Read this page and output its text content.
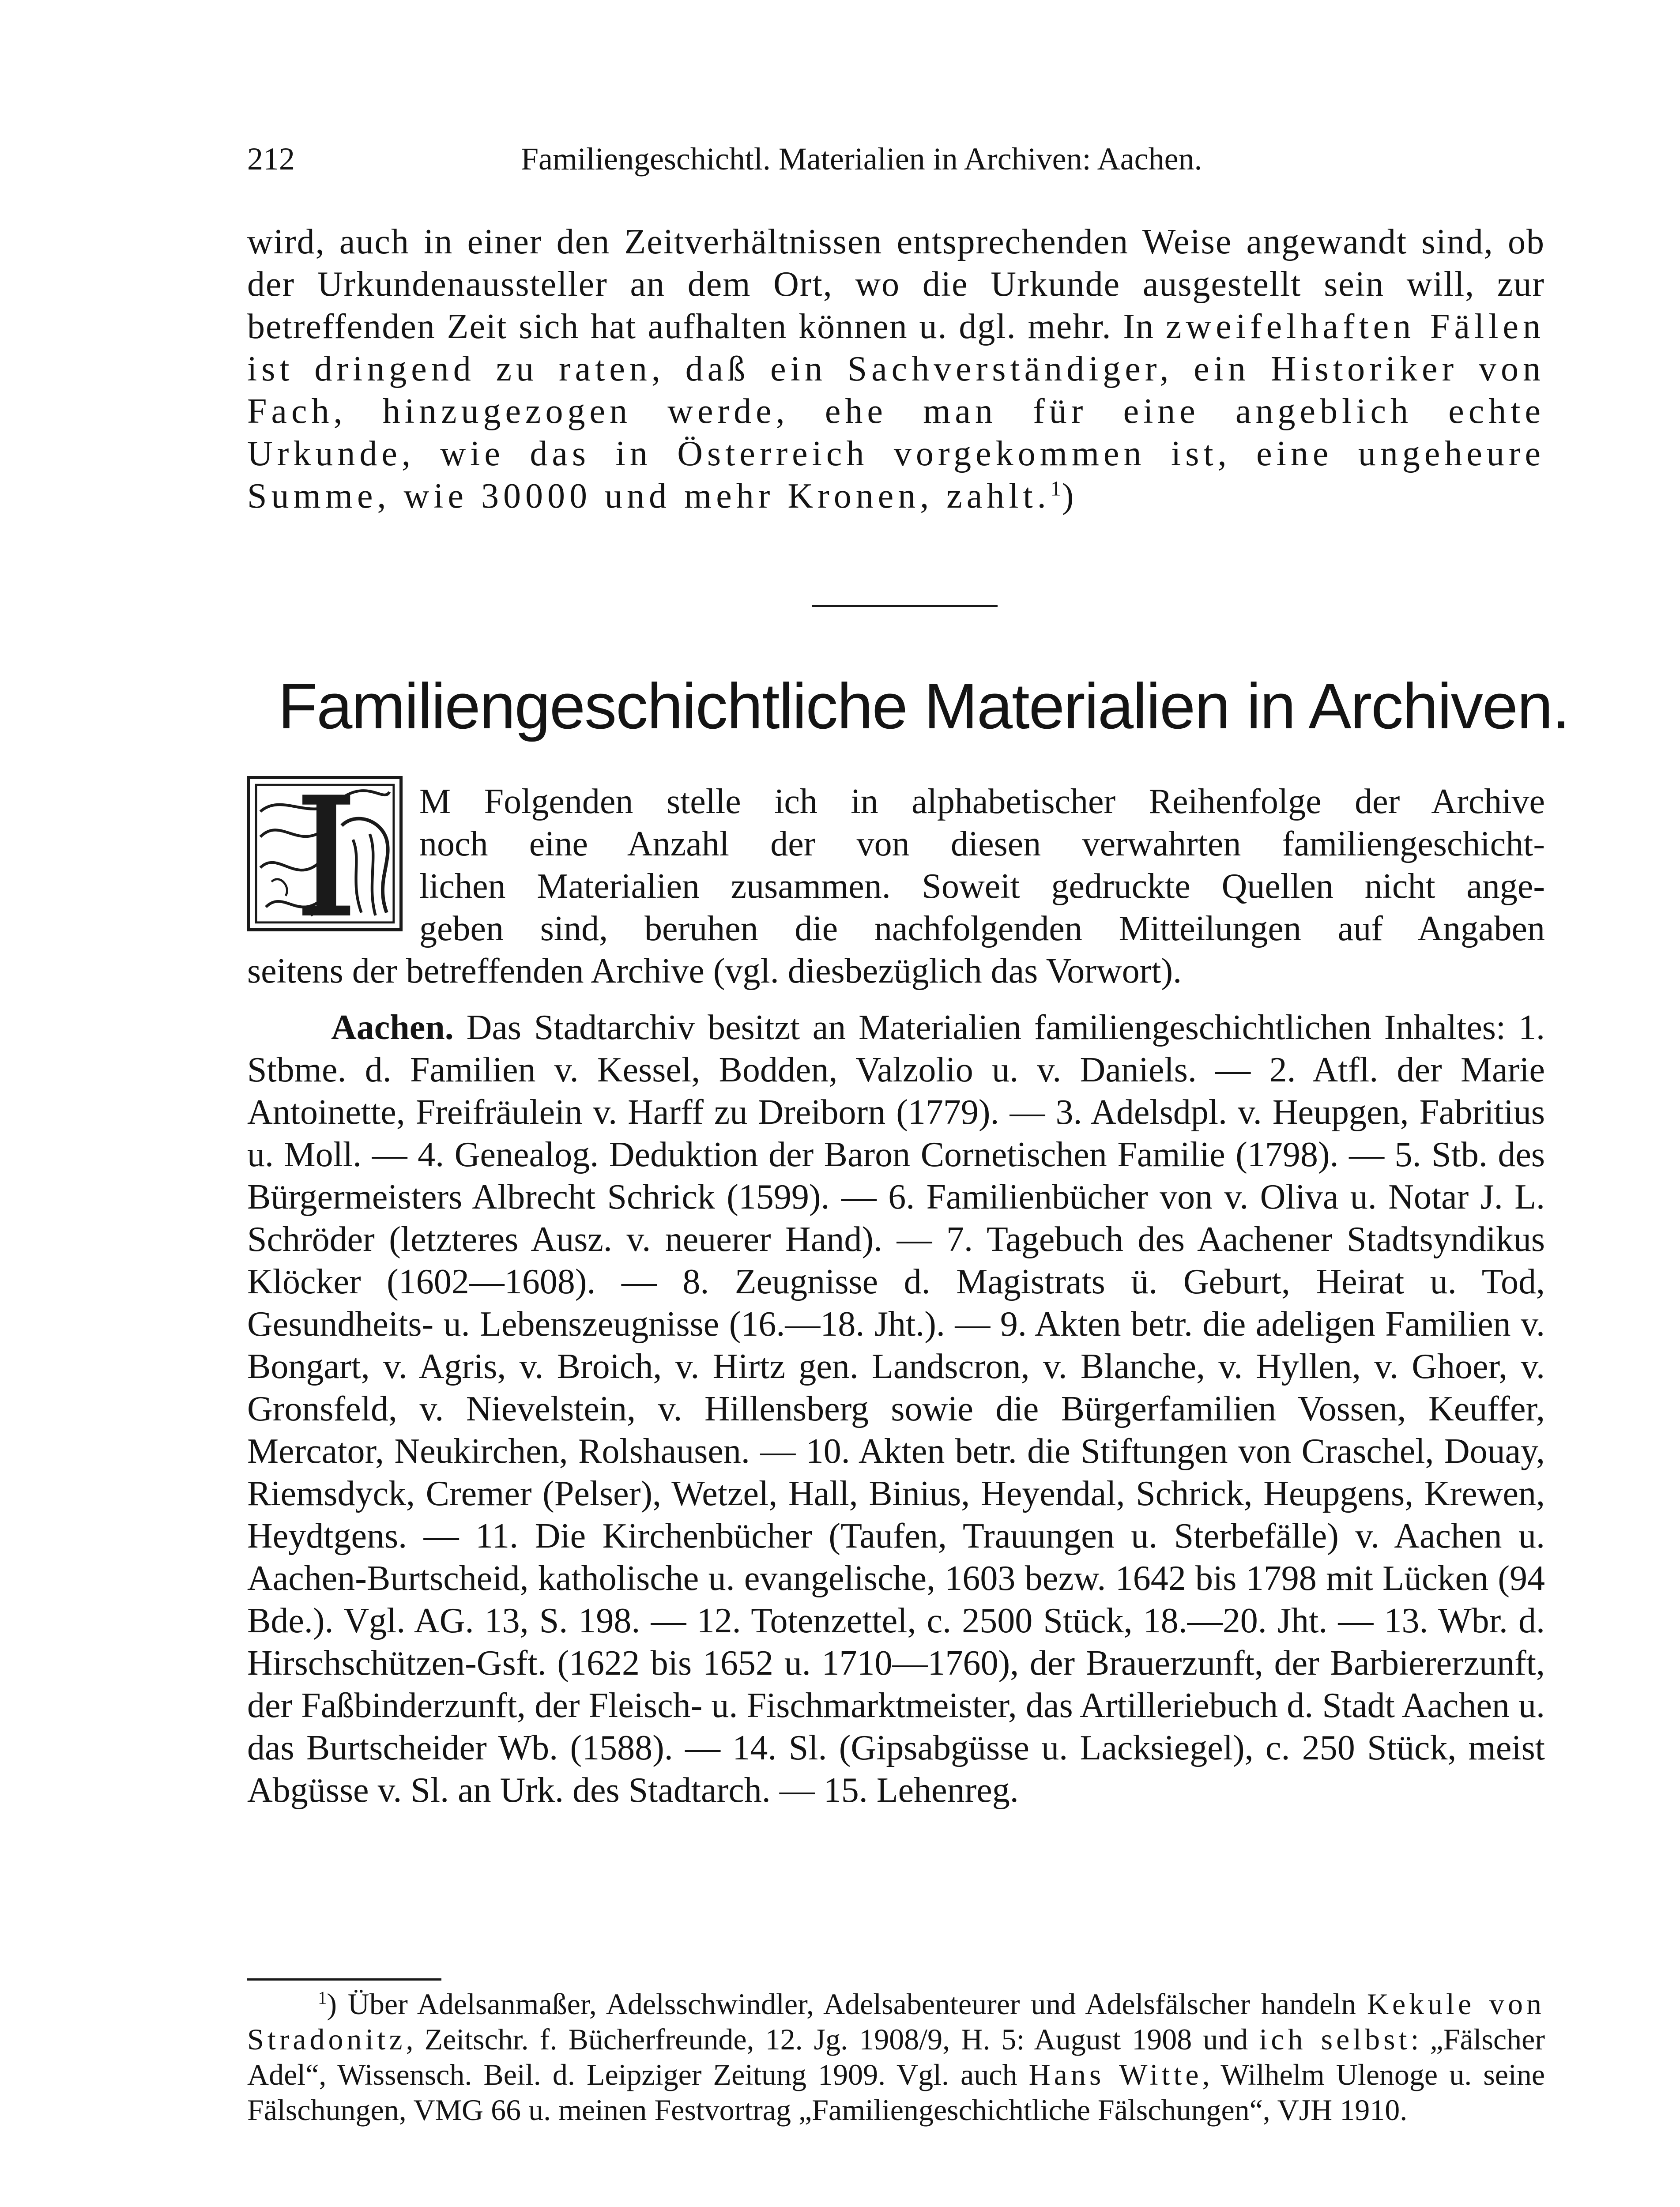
212	Familiengeschichtl. Materialien in Archiven: Aachen.

wird, auch in einer den Zeitverhältnissen entsprechenden Weise angewandt sind, ob der Urkundenaussteller an dem Ort, wo die Urkunde ausgestellt sein will, zur betreffenden Zeit sich hat aufhalten können u. dgl. mehr. In zweifelhaften Fällen ist dringend zu raten, daß ein Sachverständiger, ein Historiker von Fach, hinzugezogen werde, ehe man für eine angeblich echte Urkunde, wie das in Österreich vorgekommen ist, eine ungeheure Summe, wie 30000 und mehr Kronen, zahlt.$^1$)

Familiengeschichtliche Materialien in Archiven.
M Folgenden stelle ich in alphabetischer Reihenfolge der Archive
noch eine Anzahl der von diesen verwahrten familiengeschicht-
lichen Materialien zusammen. Soweit gedruckte Quellen nicht ange-
geben sind, beruhen die nachfolgenden Mitteilungen auf Angaben

seitens der betreffenden Archive (vgl. diesbezüglich das Vorwort).

Aachen. Das Stadtarchiv besitzt an Materialien familiengeschichtlichen Inhaltes: 1. Stbme. d. Familien v. Kessel, Bodden, Valzolio u. v. Daniels. — 2. Atfl. der Marie Antoinette, Freifräulein v. Harff zu Dreiborn (1779). — 3. Adelsdpl. v. Heupgen, Fabritius u. Moll. — 4. Genealog. Deduktion der Baron Cornetischen Familie (1798). — 5. Stb. des Bürgermeisters Albrecht Schrick (1599). — 6. Familienbücher von v. Oliva u. Notar J. L. Schröder (letzteres Ausz. v. neuerer Hand). — 7. Tagebuch des Aachener Stadtsyndikus Klöcker (1602—1608). — 8. Zeugnisse d. Magistrats ü. Geburt, Heirat u. Tod, Gesundheits- u. Lebenszeugnisse (16.—18. Jht.). — 9. Akten betr. die adeligen Familien v. Bongart, v. Agris, v. Broich, v. Hirtz gen. Landscron, v. Blanche, v. Hyllen, v. Ghoer, v. Gronsfeld, v. Nievelstein, v. Hillensberg sowie die Bürgerfamilien Vossen, Keuffer, Mercator, Neukirchen, Rolshausen. — 10. Akten betr. die Stiftungen von Craschel, Douay, Riemsdyck, Cremer (Pelser), Wetzel, Hall, Binius, Heyendal, Schrick, Heupgens, Krewen, Heydtgens. — 11. Die Kirchenbücher (Taufen, Trauungen u. Sterbefälle) v. Aachen u. Aachen-Burtscheid, katholische u. evangelische, 1603 bezw. 1642 bis 1798 mit Lücken (94 Bde.). Vgl. AG. 13, S. 198. — 12. Totenzettel, c. 2500 Stück, 18.—20. Jht. — 13. Wbr. d. Hirschschützen-Gsft. (1622 bis 1652 u. 1710—1760), der Brauerzunft, der Barbiererzunft, der Faßbinderzunft, der Fleisch- u. Fischmarktmeister, das Artilleriebuch d. Stadt Aachen u. das Burtscheider Wb. (1588). — 14. Sl. (Gipsabgüsse u. Lacksiegel), c. 250 Stück, meist Abgüsse v. Sl. an Urk. des Stadtarch. — 15. Lehenreg.
$^1$) Über Adelsanmaßer, Adelsschwindler, Adelsabenteurer und Adelsfälscher handeln Kekule von Stradonitz, Zeitschr. f. Bücherfreunde, 12. Jg. 1908/9, H. 5: August 1908 und ich selbst: „Fälscher Adel“, Wissensch. Beil. d. Leipziger Zeitung 1909. Vgl. auch Hans Witte, Wilhelm Ulenoge u. seine Fälschungen, VMG 66 u. meinen Festvortrag „Familiengeschichtliche Fälschungen“, VJH 1910.
